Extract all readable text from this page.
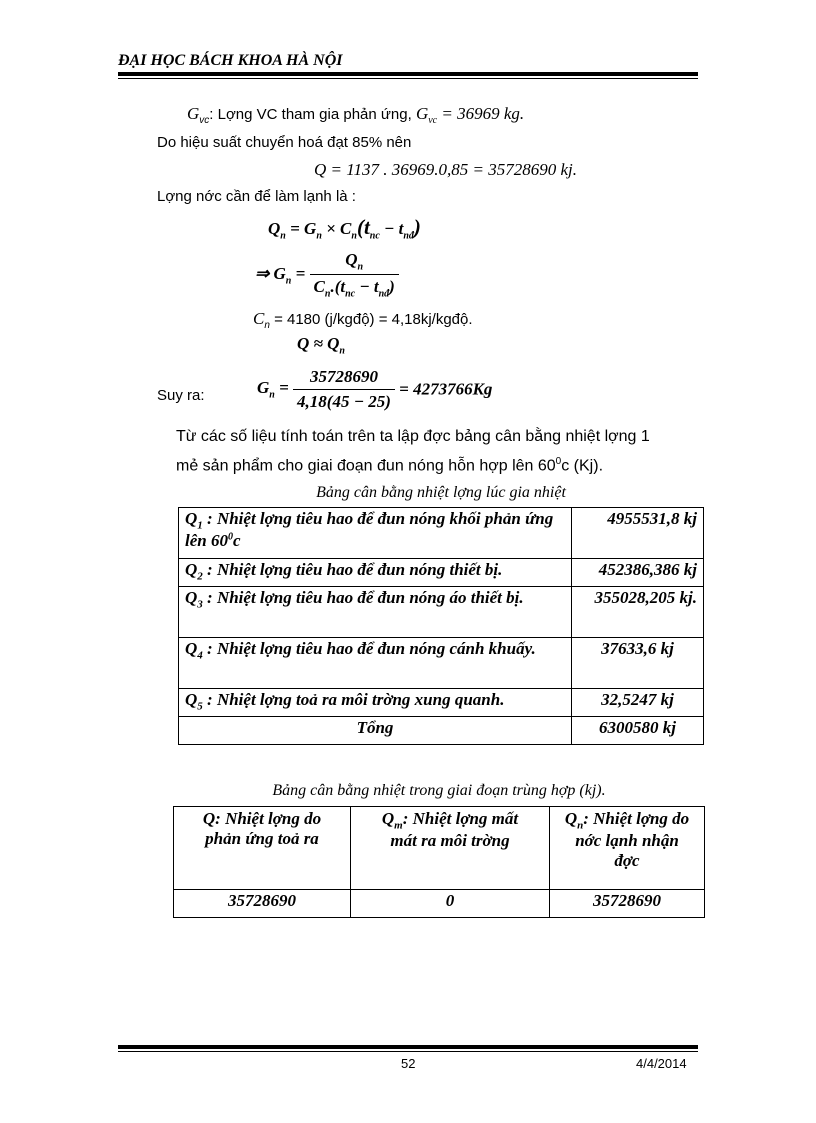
ĐẠI HỌC BÁCH KHOA HÀ NỘI
$G_{vc}$: Lợng VC tham gia phản ứng, $G_{vc} = 36969$ kg.
Do hiệu suất chuyển hoá đạt 85% nên
Q = 1137 . 36969.0,85 = 35728690 kj.
Lợng nớc cần để làm lạnh là :
$Q_n = G_n \times C_n(t_{nc} - t_{nđ})$
⇒ $G_n = \frac{Q_n}{C_n.(t_{nc} - t_{nđ})}$
$C_n = 4180$ (j/kgđộ) = 4,18kj/kgđộ.
$Q \approx Q_n$
Suy ra:	$G_n = \frac{35728690}{4,18(45 - 25)} = 4273766Kg$
Từ các số liệu tính toán trên ta lập đợc bảng cân bằng nhiệt lợng 1
mẻ sản phẩm cho giai đoạn đun nóng hỗn hợp lên $60^0c$ (Kj).
Bảng cân bằng nhiệt lợng lúc gia nhiệt
$Q_1$ : Nhiệt lợng tiêu hao để đun nóng khối phản ứng lên $60^0c$	4955531,8 kj
$Q_2$ : Nhiệt lợng tiêu hao để đun nóng thiết bị.	452386,386 kj
$Q_3$ : Nhiệt lợng tiêu hao để đun nóng áo thiết bị.	355028,205 kj.
$Q_4$ : Nhiệt lợng tiêu hao để đun nóng cánh khuấy.	37633,6 kj
$Q_5$ : Nhiệt lợng toả ra môi trờng xung quanh.	32,5247 kj
Tổng	6300580 kj
Bảng cân bằng nhiệt trong giai đoạn trùng hợp (kj).
Q: Nhiệt lợng do
phản ứng toả ra	$Q_m$: Nhiệt lợng mất
mát ra môi trờng	$Q_n$: Nhiệt lợng do
nớc lạnh nhận
đợc
35728690	0	35728690
52	4/4/2014
